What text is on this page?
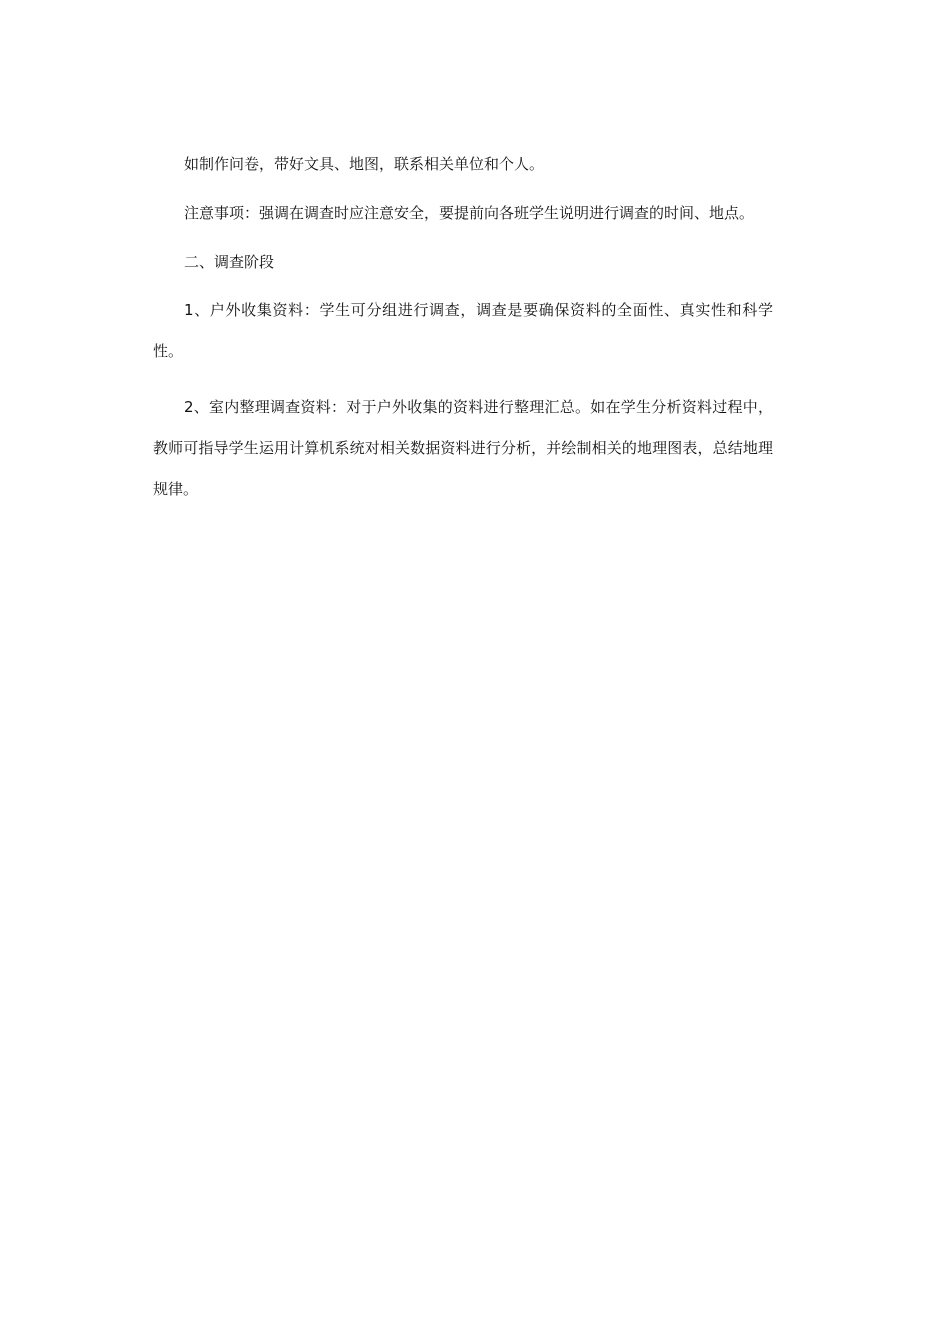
如制作问卷，带好文具、地图，联系相关单位和个人。

注意事项：强调在调查时应注意安全，要提前向各班学生说明进行调查的时间、地点。

二、调查阶段

1、户外收集资料：学生可分组进行调查，调查是要确保资料的全面性、真实性和科学性。

2、室内整理调查资料：对于户外收集的资料进行整理汇总。如在学生分析资料过程中，教师可指导学生运用计算机系统对相关数据资料进行分析，并绘制相关的地理图表，总结地理规律。
